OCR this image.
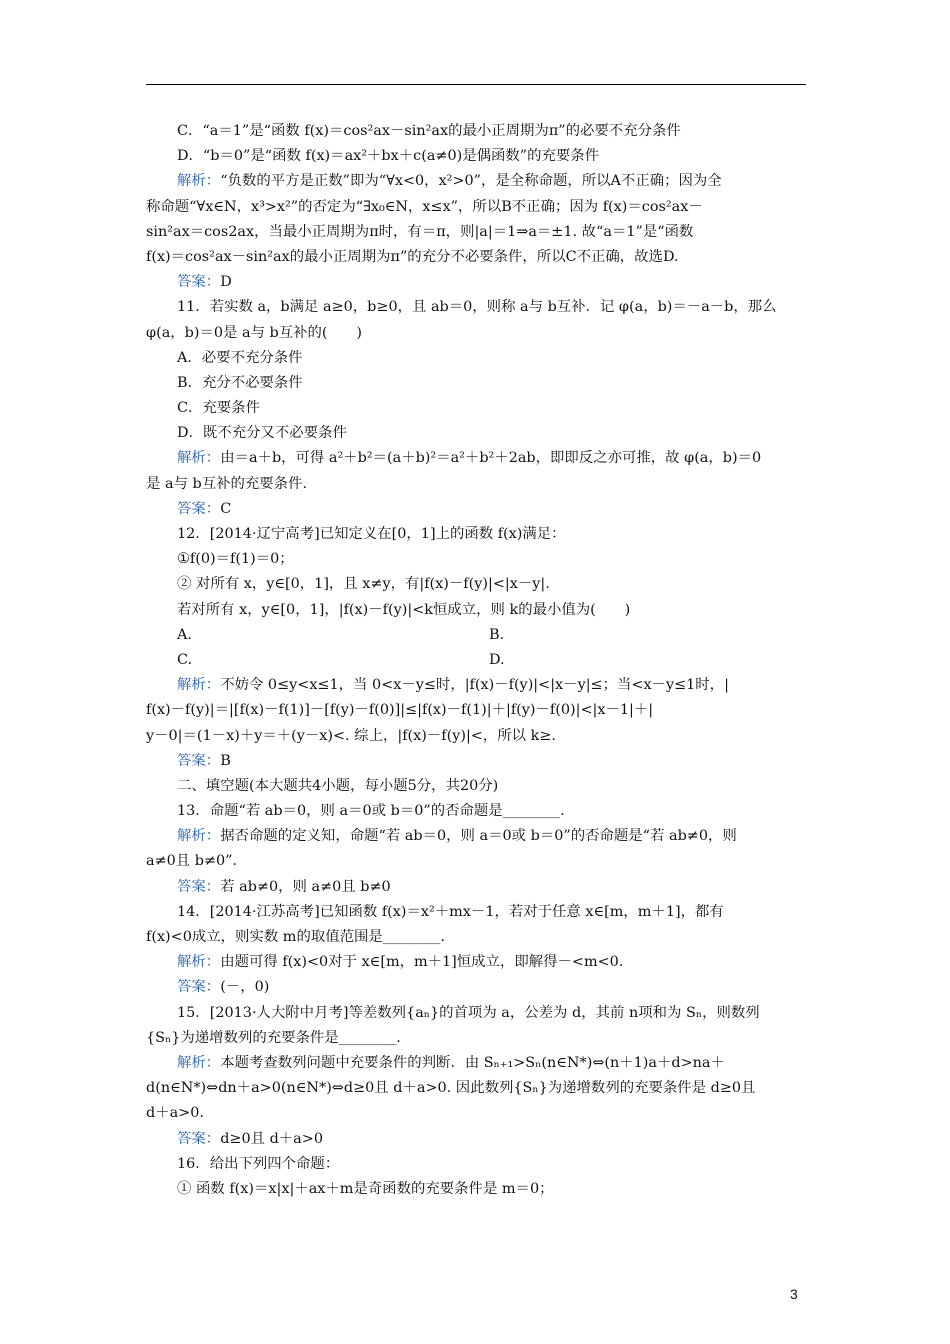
C．“a＝1”是“函数 f(x)＝cos²ax－sin²ax的最小正周期为π”的必要不充分条件
D．“b＝0”是“函数 f(x)＝ax²＋bx＋c(a≠0)是偶函数”的充要条件
解析：“负数的平方是正数”即为“∀x<0，x²>0”，是全称命题，所以A不正确；因为全
称命题“∀x∈N，x³>x²”的否定为“∃x₀∈N，x≤x”，所以B不正确；因为 f(x)＝cos²ax－
sin²ax＝cos2ax，当最小正周期为π时，有＝π，则|a|＝1⇒a＝±1. 故“a＝1”是“函数
f(x)＝cos²ax－sin²ax的最小正周期为π”的充分不必要条件，所以C不正确，故选D.
答案：D
11．若实数 a，b满足 a≥0，b≥0，且 ab＝0，则称 a与 b互补．记 φ(a，b)＝－a－b，那么
φ(a，b)＝0是 a与 b互补的(　　)
A．必要不充分条件
B．充分不必要条件
C．充要条件
D．既不充分又不必要条件
解析：由＝a＋b，可得 a²＋b²＝(a＋b)²＝a²＋b²＋2ab，即即反之亦可推，故 φ(a，b)＝0
是 a与 b互补的充要条件.
答案：C
12．[2014·辽宁高考]已知定义在[0，1]上的函数 f(x)满足：
①f(0)＝f(1)＝0；
② 对所有 x，y∈[0，1]，且 x≠y，有|f(x)－f(y)|<|x－y|.
若对所有 x，y∈[0，1]，|f(x)－f(y)|<k恒成立，则 k的最小值为(　　)
A.	B.
C.	D.
解析：不妨令 0≤y<x≤1，当 0<x－y≤时，|f(x)－f(y)|<|x－y|≤；当<x－y≤1时，|
f(x)－f(y)|＝|[f(x)－f(1)]－[f(y)－f(0)]|≤|f(x)－f(1)|＋|f(y)－f(0)|<|x－1|＋|
y－0|＝(1－x)＋y＝＋(y－x)<. 综上，|f(x)－f(y)|<，所以 k≥.
答案：B
二、填空题(本大题共4小题，每小题5分，共20分)
13．命题“若 ab＝0，则 a＝0或 b＝0”的否命题是________．
解析：据否命题的定义知，命题“若 ab＝0，则 a＝0或 b＝0”的否命题是“若 ab≠0，则
a≠0且 b≠0”．
答案：若 ab≠0，则 a≠0且 b≠0
14．[2014·江苏高考]已知函数 f(x)＝x²＋mx－1，若对于任意 x∈[m，m＋1]，都有
f(x)<0成立，则实数 m的取值范围是________.
解析：由题可得 f(x)<0对于 x∈[m，m＋1]恒成立，即解得－<m<0.
答案：(－，0)
15．[2013·人大附中月考]等差数列{aₙ}的首项为 a，公差为 d，其前 n项和为 Sₙ，则数列
{Sₙ}为递增数列的充要条件是________.
解析：本题考查数列问题中充要条件的判断．由 Sₙ₊₁>Sₙ(n∈N*)⇔(n＋1)a＋d>na＋
d(n∈N*)⇔dn＋a>0(n∈N*)⇔d≥0且 d＋a>0. 因此数列{Sₙ}为递增数列的充要条件是 d≥0且
d＋a>0.
答案：d≥0且 d＋a>0
16．给出下列四个命题：
① 函数 f(x)＝x|x|＋ax＋m是奇函数的充要条件是 m＝0；
3
